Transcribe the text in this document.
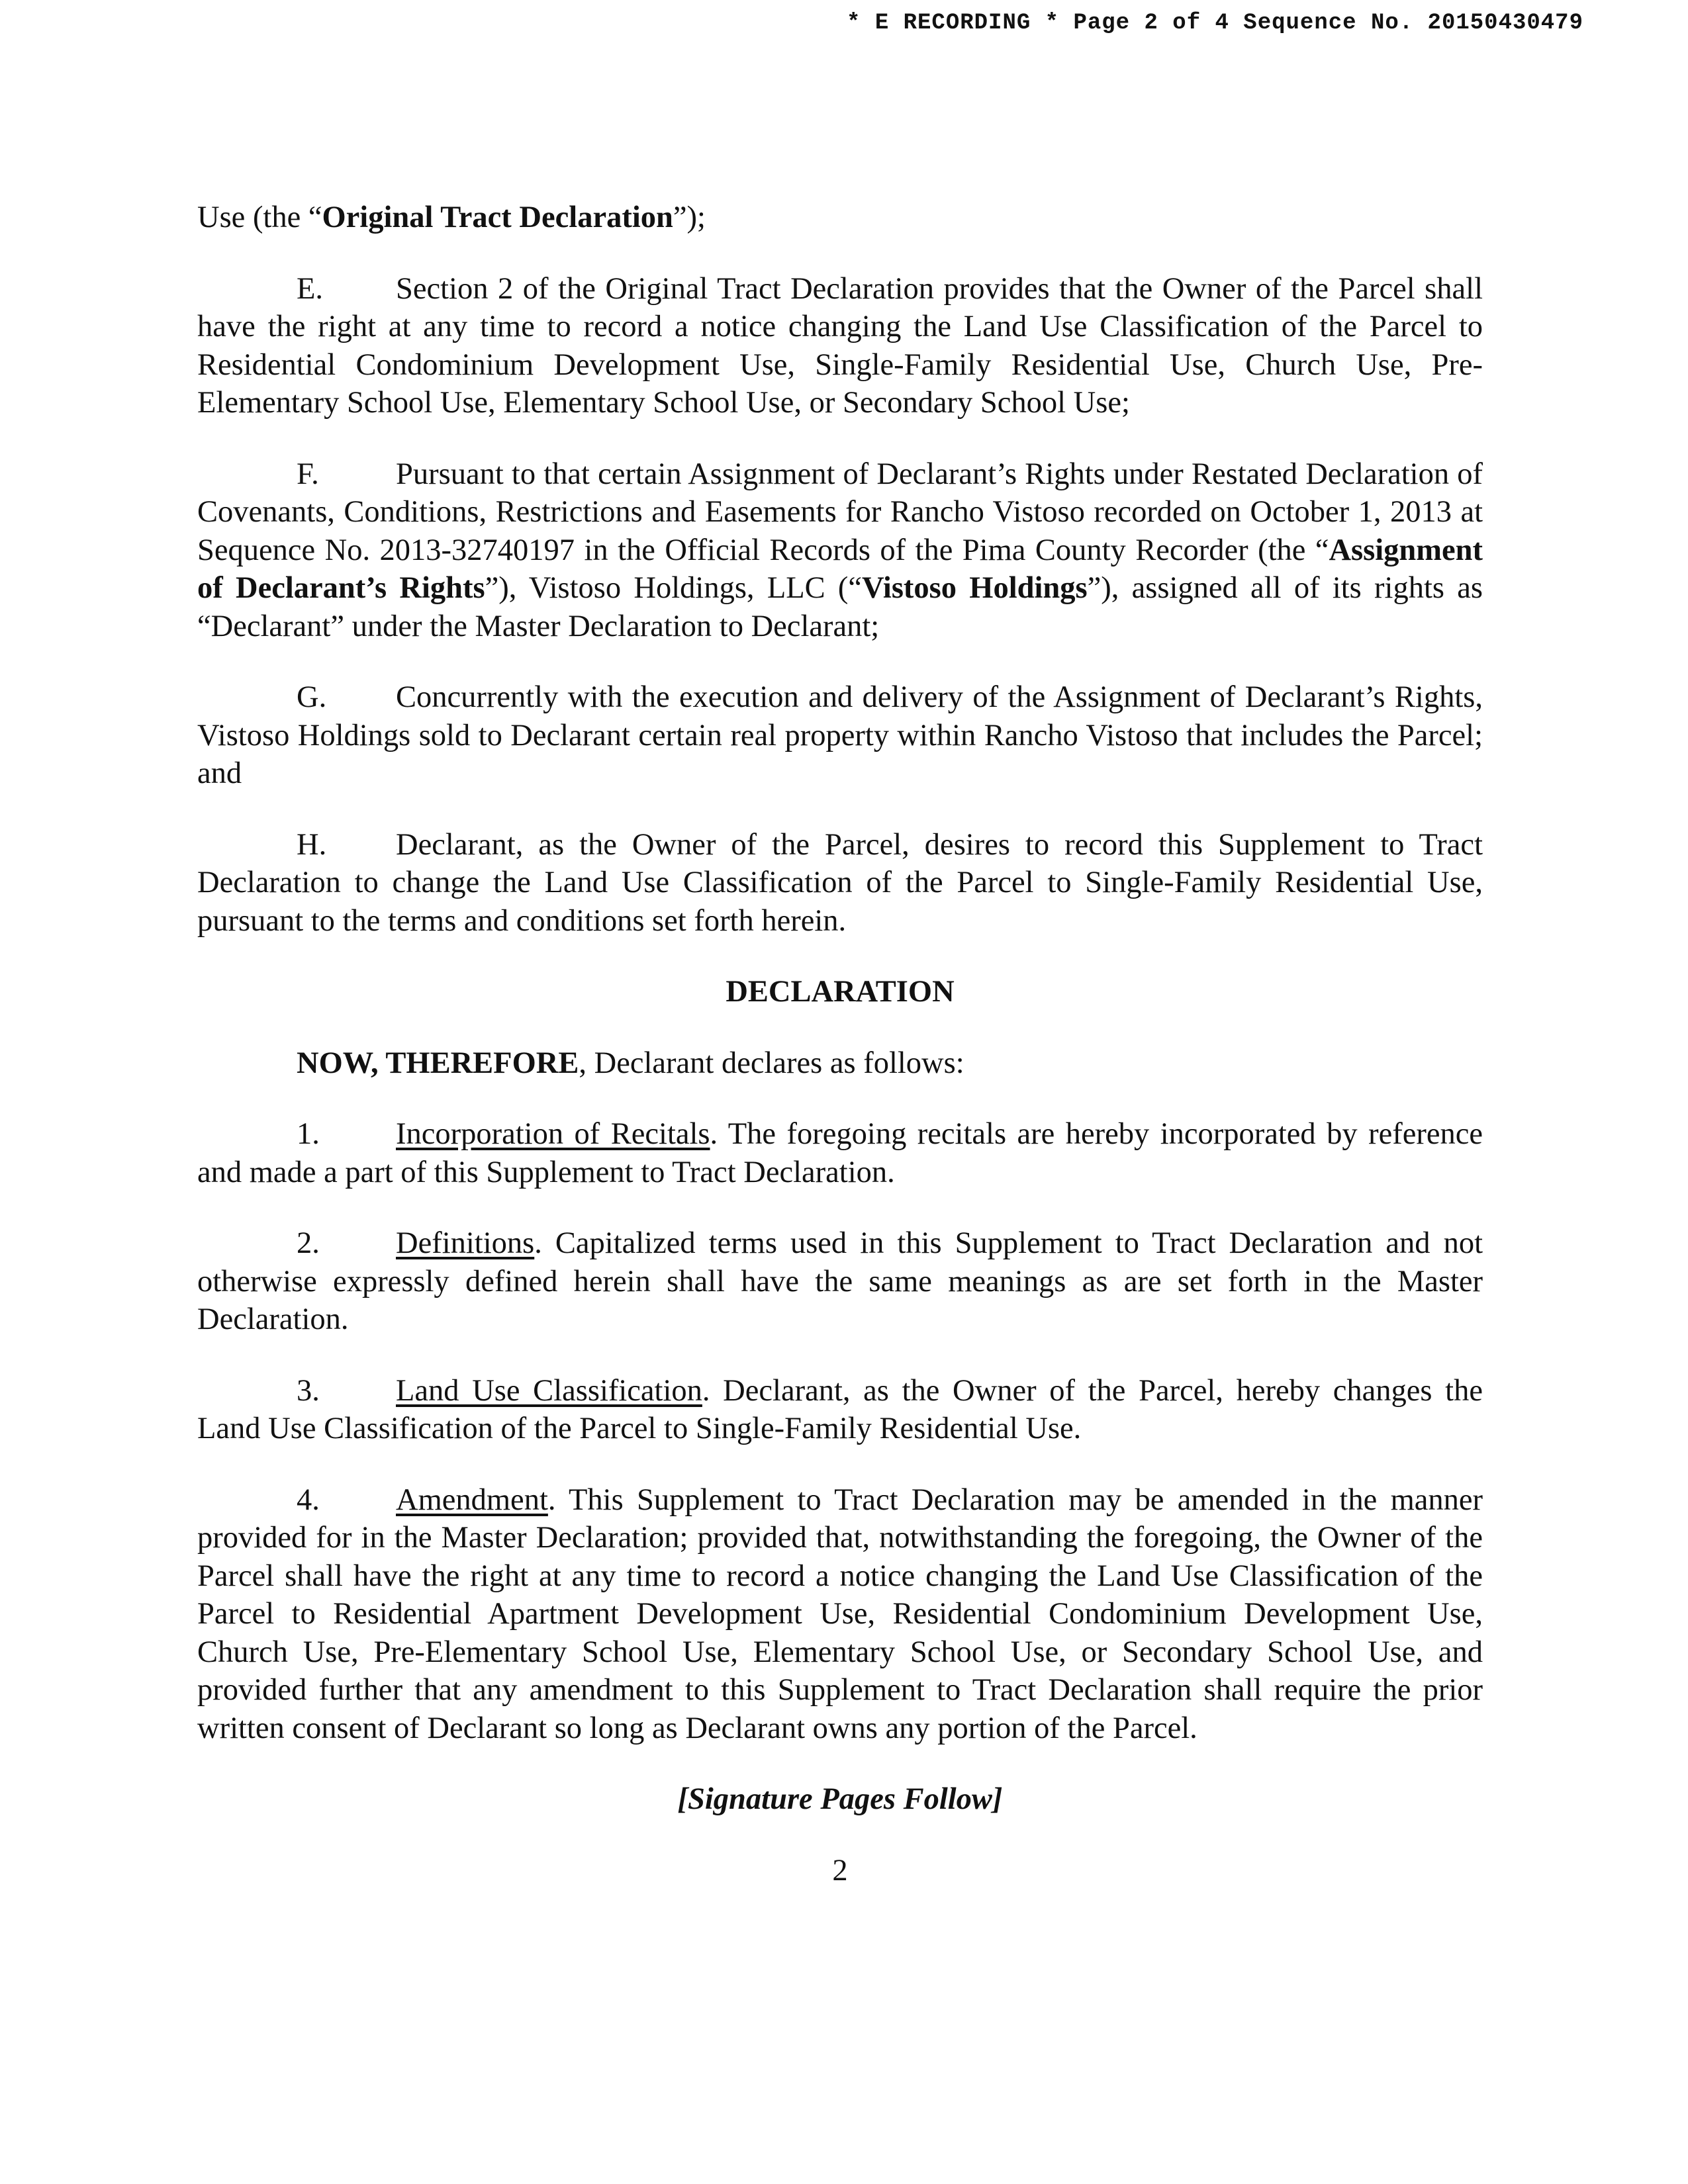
* E RECORDING * Page 2 of 4 Sequence No. 20150430479

Use (the “Original Tract Declaration”);

E. Section 2 of the Original Tract Declaration provides that the Owner of the Parcel shall have the right at any time to record a notice changing the Land Use Classification of the Parcel to Residential Condominium Development Use, Single-Family Residential Use, Church Use, Pre-Elementary School Use, Elementary School Use, or Secondary School Use;

F. Pursuant to that certain Assignment of Declarant’s Rights under Restated Declaration of Covenants, Conditions, Restrictions and Easements for Rancho Vistoso recorded on October 1, 2013 at Sequence No. 2013-32740197 in the Official Records of the Pima County Recorder (the “Assignment of Declarant’s Rights”), Vistoso Holdings, LLC (“Vistoso Holdings”), assigned all of its rights as “Declarant” under the Master Declaration to Declarant;

G. Concurrently with the execution and delivery of the Assignment of Declarant’s Rights, Vistoso Holdings sold to Declarant certain real property within Rancho Vistoso that includes the Parcel; and

H. Declarant, as the Owner of the Parcel, desires to record this Supplement to Tract Declaration to change the Land Use Classification of the Parcel to Single-Family Residential Use, pursuant to the terms and conditions set forth herein.

DECLARATION

NOW, THEREFORE, Declarant declares as follows:

1. Incorporation of Recitals. The foregoing recitals are hereby incorporated by reference and made a part of this Supplement to Tract Declaration.

2. Definitions. Capitalized terms used in this Supplement to Tract Declaration and not otherwise expressly defined herein shall have the same meanings as are set forth in the Master Declaration.

3. Land Use Classification. Declarant, as the Owner of the Parcel, hereby changes the Land Use Classification of the Parcel to Single-Family Residential Use.

4. Amendment. This Supplement to Tract Declaration may be amended in the manner provided for in the Master Declaration; provided that, notwithstanding the foregoing, the Owner of the Parcel shall have the right at any time to record a notice changing the Land Use Classification of the Parcel to Residential Apartment Development Use, Residential Condominium Development Use, Church Use, Pre-Elementary School Use, Elementary School Use, or Secondary School Use, and provided further that any amendment to this Supplement to Tract Declaration shall require the prior written consent of Declarant so long as Declarant owns any portion of the Parcel.

[Signature Pages Follow]

2
